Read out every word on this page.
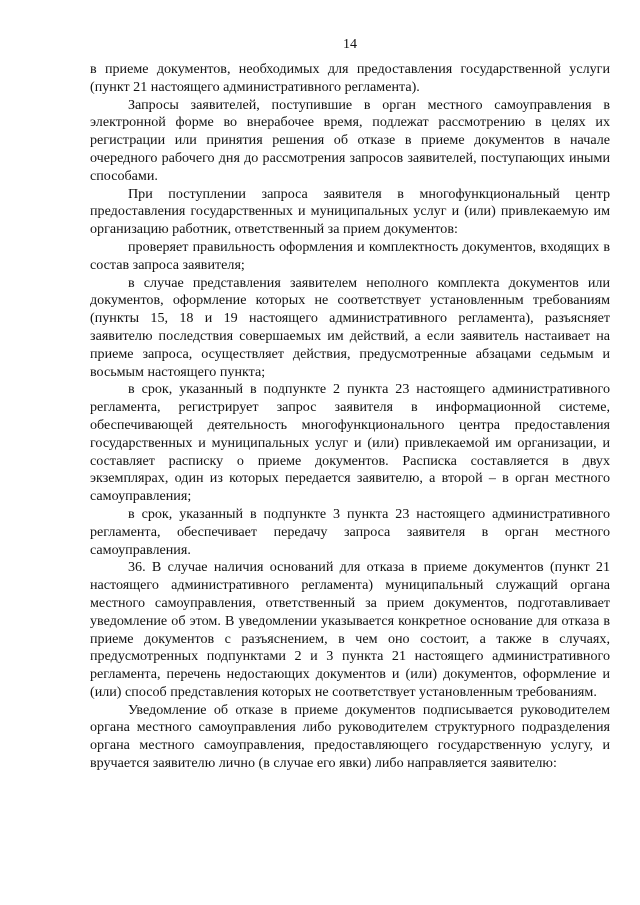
14

в приеме документов, необходимых для предоставления государственной услуги (пункт 21 настоящего административного регламента).

Запросы заявителей, поступившие в орган местного самоуправления в электронной форме во внерабочее время, подлежат рассмотрению в целях их регистрации или принятия решения об отказе в приеме документов в начале очередного рабочего дня до рассмотрения запросов заявителей, поступающих иными способами.

При поступлении запроса заявителя в многофункциональный центр предоставления государственных и муниципальных услуг и (или) привлекаемую им организацию работник, ответственный за прием документов:

проверяет правильность оформления и комплектность документов, входящих в состав запроса заявителя;

в случае представления заявителем неполного комплекта документов или документов, оформление которых не соответствует установленным требованиям (пункты 15, 18 и 19 настоящего административного регламента), разъясняет заявителю последствия совершаемых им действий, а если заявитель настаивает на приеме запроса, осуществляет действия, предусмотренные абзацами седьмым и восьмым настоящего пункта;

в срок, указанный в подпункте 2 пункта 23 настоящего административного регламента, регистрирует запрос заявителя в информационной системе, обеспечивающей деятельность многофункционального центра предоставления государственных и муниципальных услуг и (или) привлекаемой им организации, и составляет расписку о приеме документов. Расписка составляется в двух экземплярах, один из которых передается заявителю, а второй – в орган местного самоуправления;

в срок, указанный в подпункте 3 пункта 23 настоящего административного регламента, обеспечивает передачу запроса заявителя в орган местного самоуправления.

36. В случае наличия оснований для отказа в приеме документов (пункт 21 настоящего административного регламента) муниципальный служащий органа местного самоуправления, ответственный за прием документов, подготавливает уведомление об этом. В уведомлении указывается конкретное основание для отказа в приеме документов с разъяснением, в чем оно состоит, а также в случаях, предусмотренных подпунктами 2 и 3 пункта 21 настоящего административного регламента, перечень недостающих документов и (или) документов, оформление и (или) способ представления которых не соответствует установленным требованиям.

Уведомление об отказе в приеме документов подписывается руководителем органа местного самоуправления либо руководителем структурного подразделения органа местного самоуправления, предоставляющего государственную услугу, и вручается заявителю лично (в случае его явки) либо направляется заявителю:
